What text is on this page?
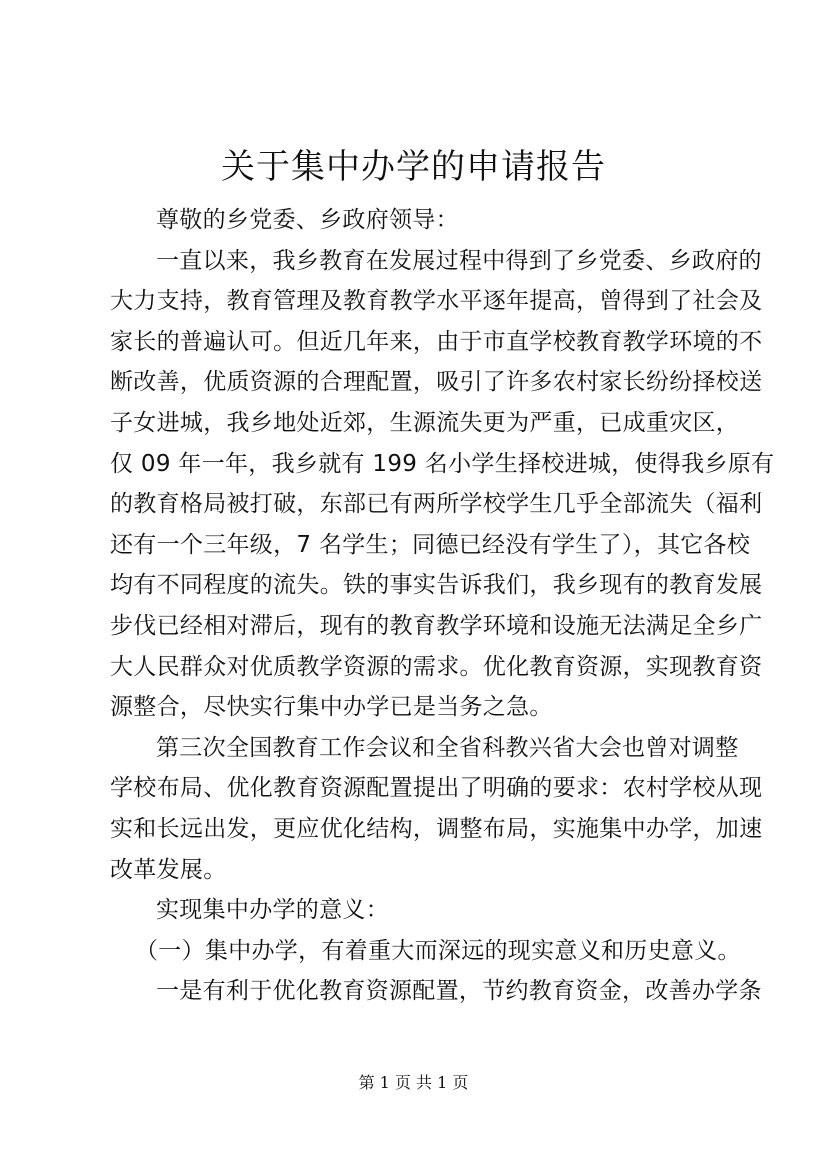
关于集中办学的申请报告
尊敬的乡党委、乡政府领导：
一直以来，我乡教育在发展过程中得到了乡党委、乡政府的
大力支持，教育管理及教育教学水平逐年提高，曾得到了社会及
家长的普遍认可。但近几年来，由于市直学校教育教学环境的不
断改善，优质资源的合理配置，吸引了许多农村家长纷纷择校送
子女进城，我乡地处近郊，生源流失更为严重，已成重灾区，
仅 09 年一年，我乡就有 199 名小学生择校进城，使得我乡原有
的教育格局被打破，东部已有两所学校学生几乎全部流失（福利
还有一个三年级，7 名学生；同德已经没有学生了），其它各校
均有不同程度的流失。铁的事实告诉我们，我乡现有的教育发展
步伐已经相对滞后，现有的教育教学环境和设施无法满足全乡广
大人民群众对优质教学资源的需求。优化教育资源，实现教育资
源整合，尽快实行集中办学已是当务之急。
第三次全国教育工作会议和全省科教兴省大会也曾对调整
学校布局、优化教育资源配置提出了明确的要求：农村学校从现
实和长远出发，更应优化结构，调整布局，实施集中办学，加速
改革发展。
实现集中办学的意义：
（一）集中办学，有着重大而深远的现实意义和历史意义。
一是有利于优化教育资源配置，节约教育资金，改善办学条
第 1 页 共 1 页
